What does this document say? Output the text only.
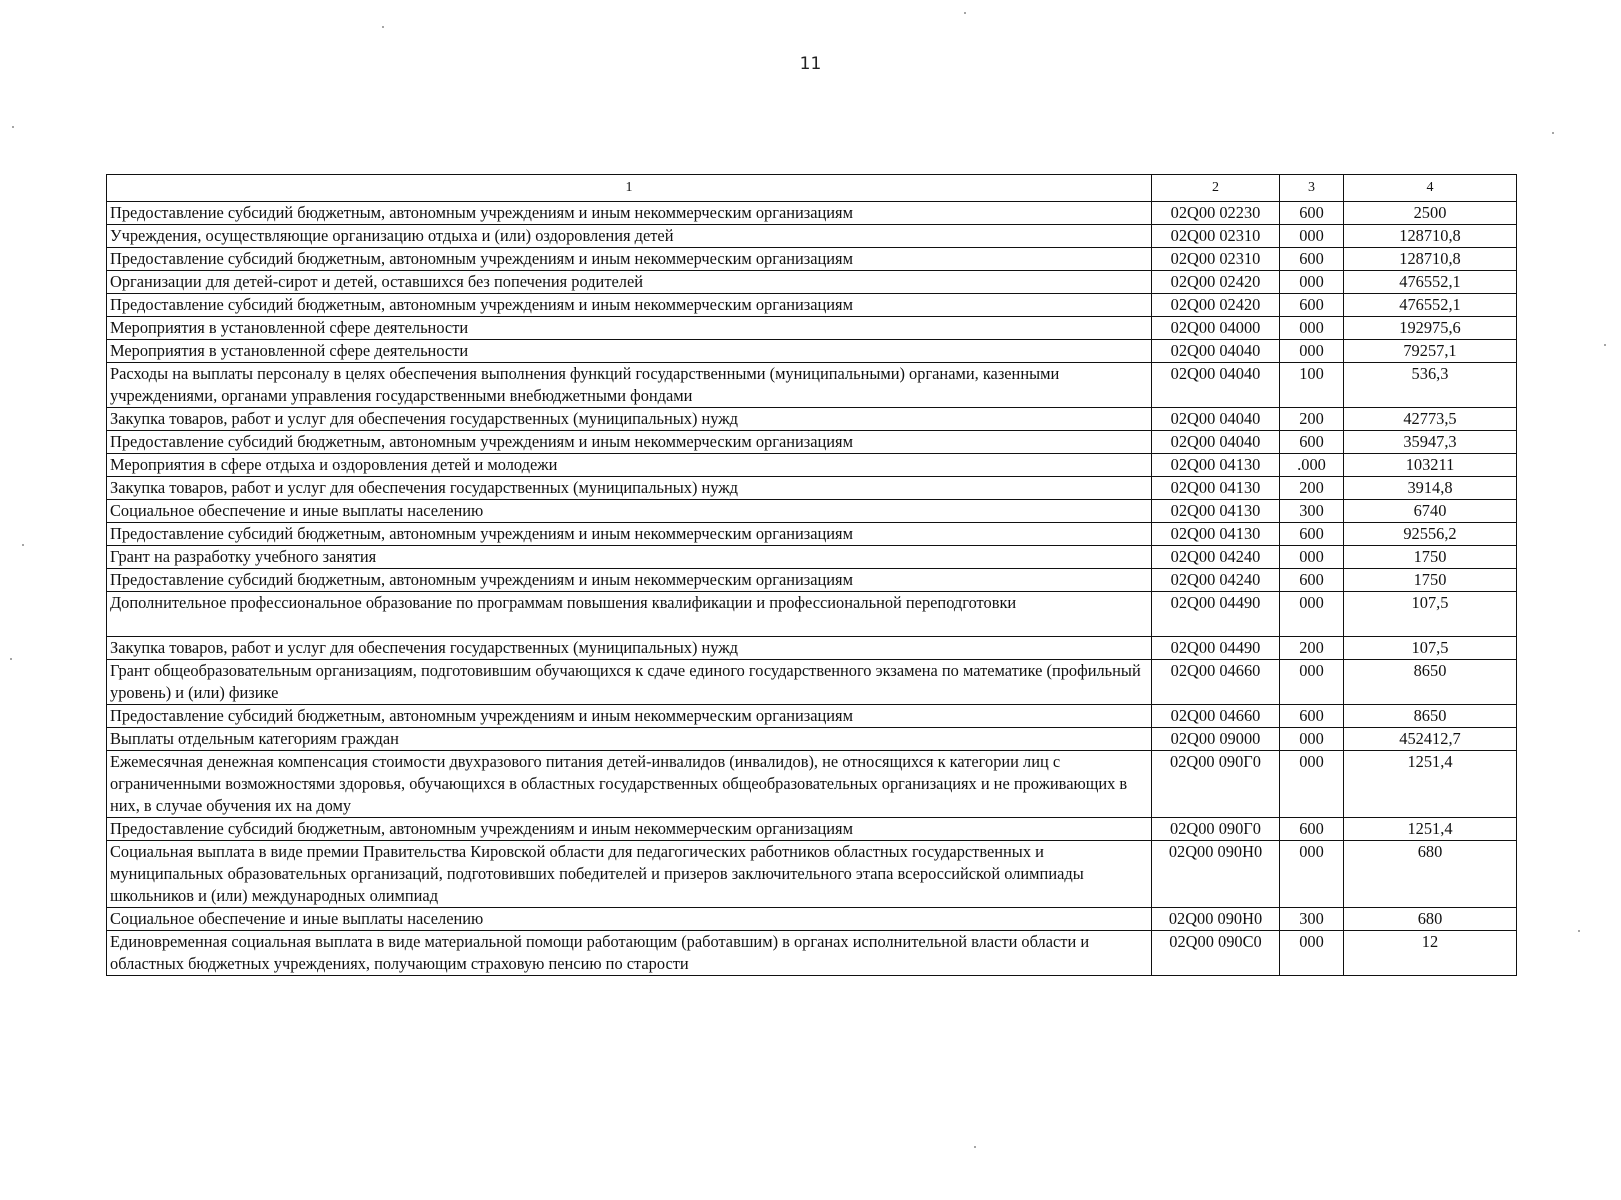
11
1	2	3	4
Предоставление субсидий бюджетным, автономным учреждениям и иным некоммерческим организациям	02Q00 02230	600	2500
Учреждения, осуществляющие организацию отдыха и (или) оздоровления детей	02Q00 02310	000	128710,8
Предоставление субсидий бюджетным, автономным учреждениям и иным некоммерческим организациям	02Q00 02310	600	128710,8
Организации для детей-сирот и детей, оставшихся без попечения родителей	02Q00 02420	000	476552,1
Предоставление субсидий бюджетным, автономным учреждениям и иным некоммерческим организациям	02Q00 02420	600	476552,1
Мероприятия в установленной сфере деятельности	02Q00 04000	000	192975,6
Мероприятия в установленной сфере деятельности	02Q00 04040	000	79257,1
Расходы на выплаты персоналу в целях обеспечения выполнения функций государственными (муниципальными) органами, казенными учреждениями, органами управления государственными внебюджетными фондами	02Q00 04040	100	536,3
Закупка товаров, работ и услуг для обеспечения государственных (муниципальных) нужд	02Q00 04040	200	42773,5
Предоставление субсидий бюджетным, автономным учреждениям и иным некоммерческим организациям	02Q00 04040	600	35947,3
Мероприятия в сфере отдыха и оздоровления детей и молодежи	02Q00 04130	.000	103211
Закупка товаров, работ и услуг для обеспечения государственных (муниципальных) нужд	02Q00 04130	200	3914,8
Социальное обеспечение и иные выплаты населению	02Q00 04130	300	6740
Предоставление субсидий бюджетным, автономным учреждениям и иным некоммерческим организациям	02Q00 04130	600	92556,2
Грант на разработку учебного занятия	02Q00 04240	000	1750
Предоставление субсидий бюджетным, автономным учреждениям и иным некоммерческим организациям	02Q00 04240	600	1750
Дополнительное профессиональное образование по программам повышения квалификации и профессиональной переподготовки	02Q00 04490	000	107,5
Закупка товаров, работ и услуг для обеспечения государственных (муниципальных) нужд	02Q00 04490	200	107,5
Грант общеобразовательным организациям, подготовившим обучающихся к сдаче единого государственного экзамена по математике (профильный уровень) и (или) физике	02Q00 04660	000	8650
Предоставление субсидий бюджетным, автономным учреждениям и иным некоммерческим организациям	02Q00 04660	600	8650
Выплаты отдельным категориям граждан	02Q00 09000	000	452412,7
Ежемесячная денежная компенсация стоимости двухразового питания детей-инвалидов (инвалидов), не относящихся к категории лиц с ограниченными возможностями здоровья, обучающихся в областных государственных общеобразовательных организациях и не проживающих в них, в случае обучения их на дому	02Q00 090Г0	000	1251,4
Предоставление субсидий бюджетным, автономным учреждениям и иным некоммерческим организациям	02Q00 090Г0	600	1251,4
Социальная выплата в виде премии Правительства Кировской области для педагогических работников областных государственных и муниципальных образовательных организаций, подготовивших победителей и призеров заключительного этапа всероссийской олимпиады школьников и (или) международных олимпиад	02Q00 090Н0	000	680
Социальное обеспечение и иные выплаты населению	02Q00 090Н0	300	680
Единовременная социальная выплата в виде материальной помощи работающим (работавшим) в органах исполнительной власти области и областных бюджетных учреждениях, получающим страховую пенсию по старости	02Q00 090С0	000	12
